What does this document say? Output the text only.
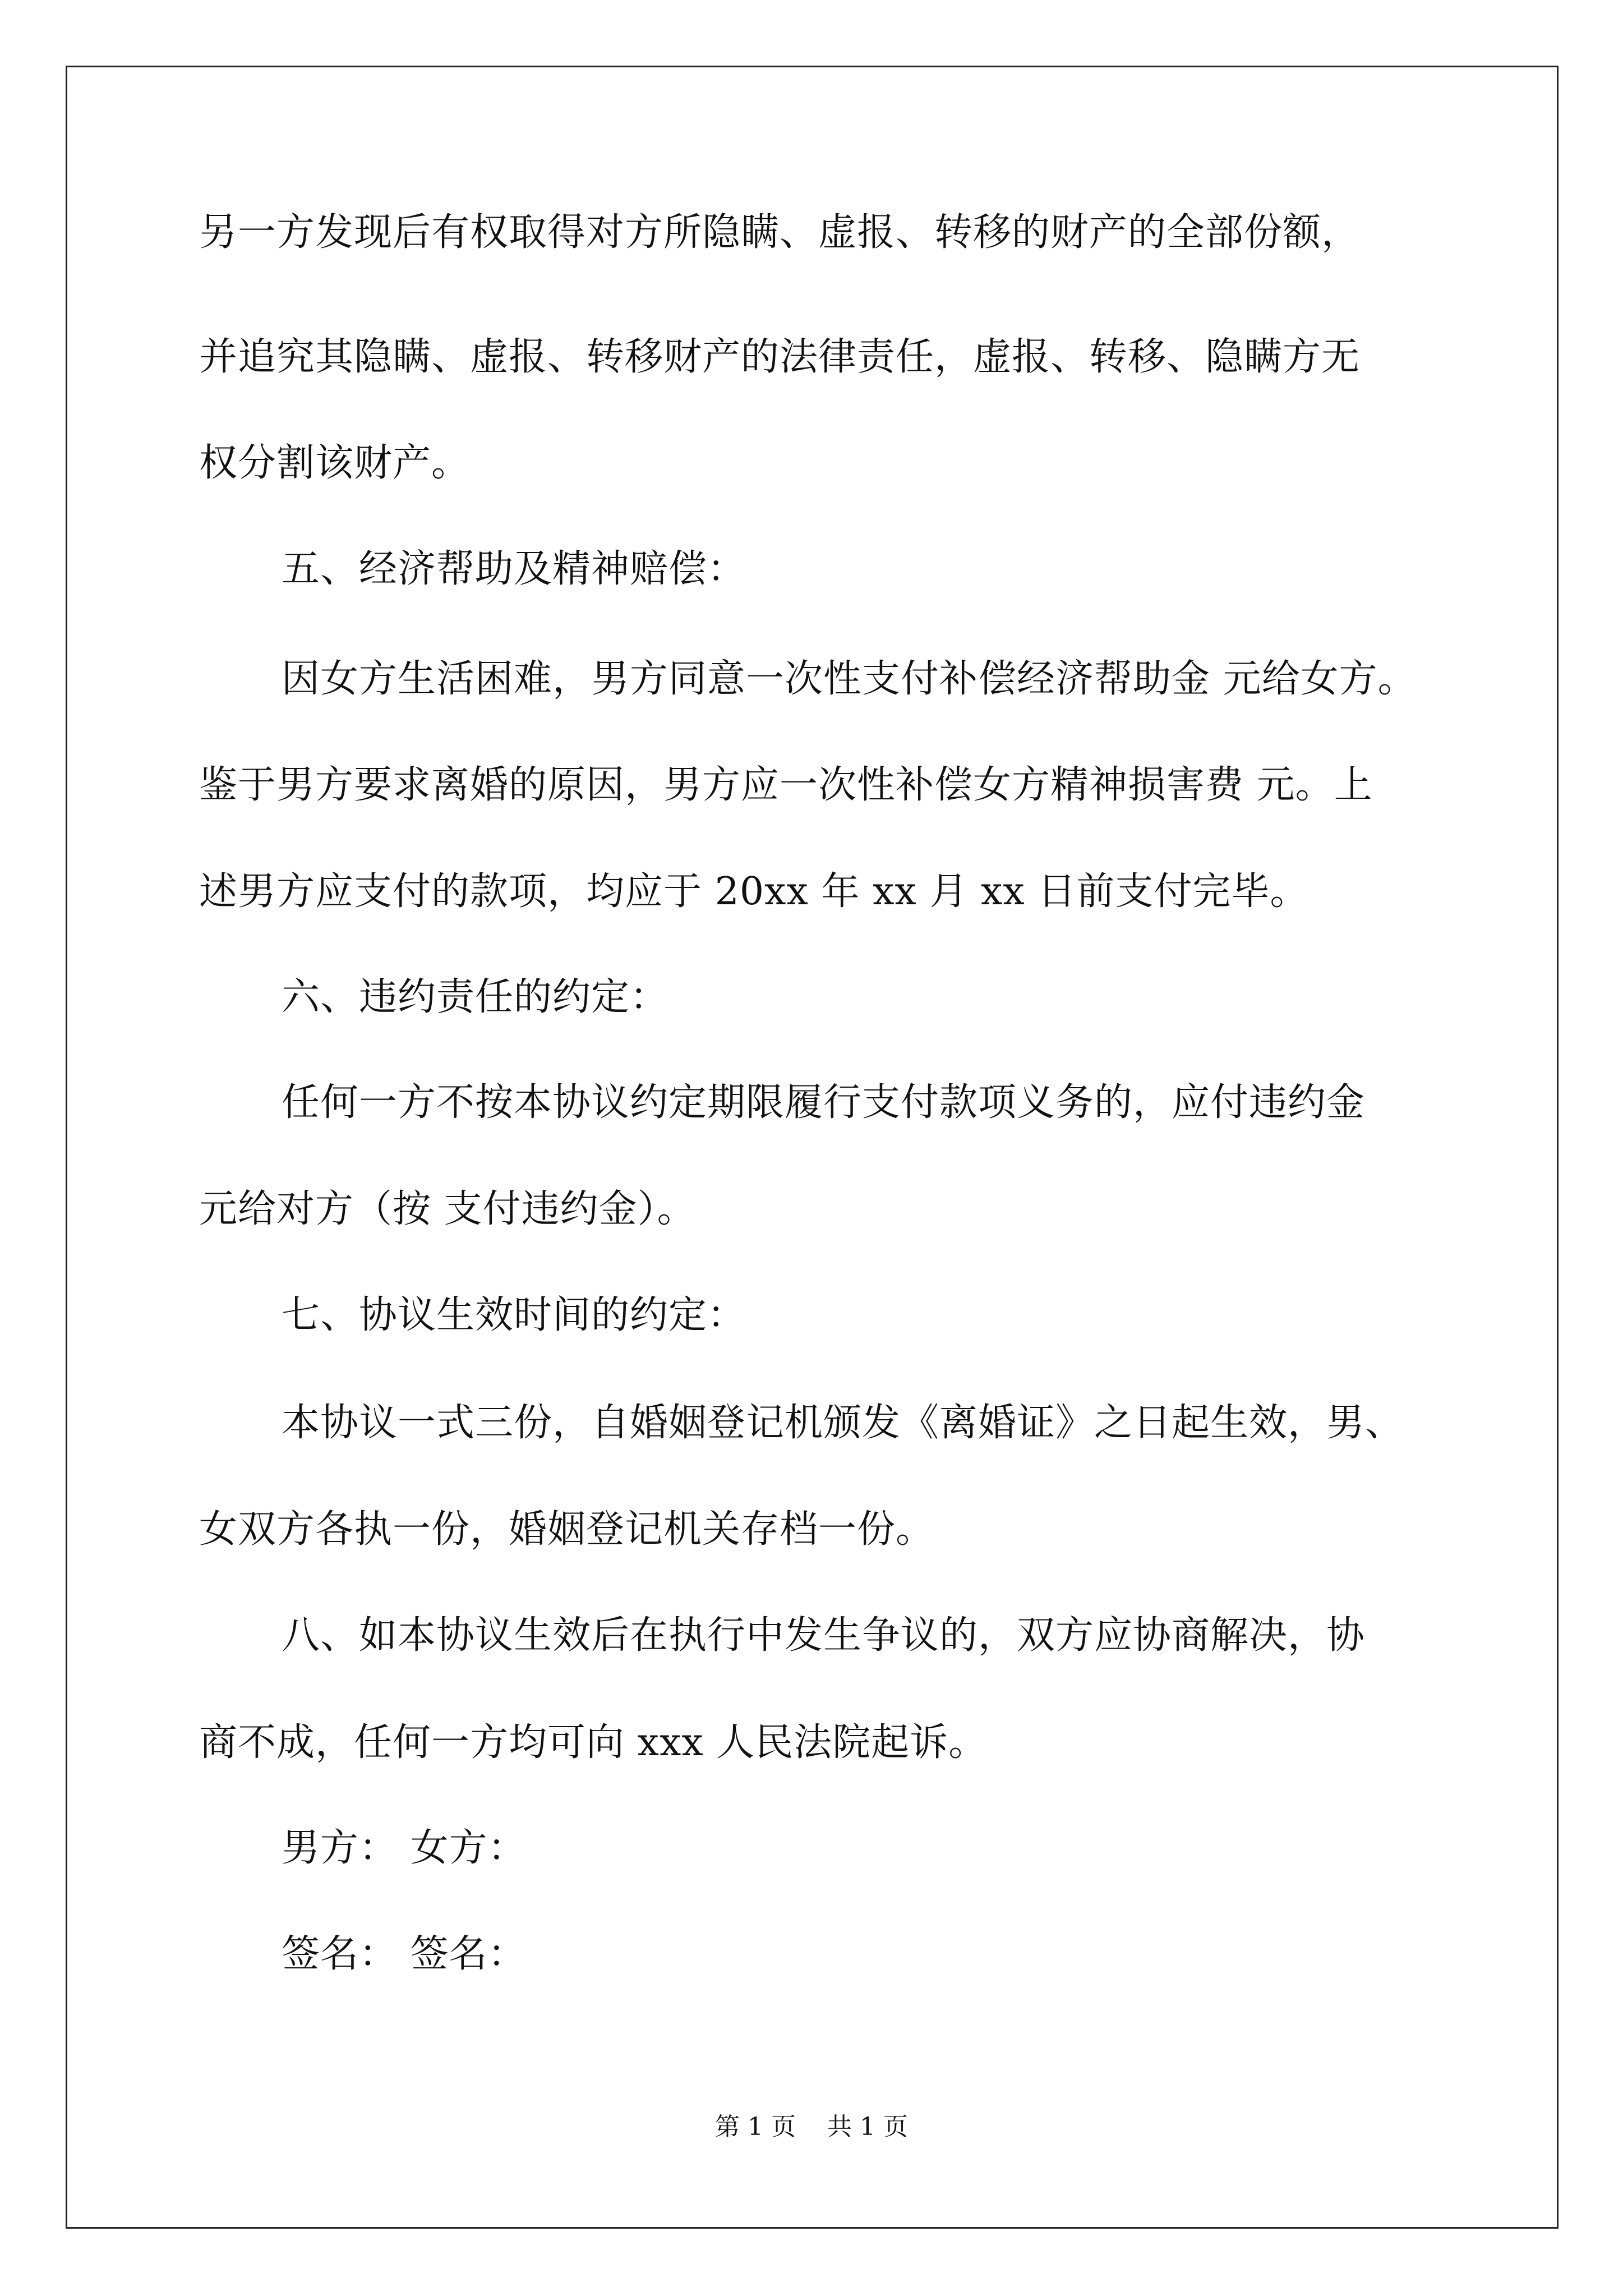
另一方发现后有权取得对方所隐瞒、虚报、转移的财产的全部份额，
并追究其隐瞒、虚报、转移财产的法律责任，虚报、转移、隐瞒方无
权分割该财产。
五、经济帮助及精神赔偿：
因女方生活困难，男方同意一次性支付补偿经济帮助金 元给女方。
鉴于男方要求离婚的原因，男方应一次性补偿女方精神损害费 元。上
述男方应支付的款项，均应于 20xx 年 xx 月 xx 日前支付完毕。
六、违约责任的约定：
任何一方不按本协议约定期限履行支付款项义务的，应付违约金
元给对方（按 支付违约金）。
七、协议生效时间的约定：
本协议一式三份，自婚姻登记机颁发《离婚证》之日起生效，男、
女双方各执一份，婚姻登记机关存档一份。
八、如本协议生效后在执行中发生争议的，双方应协商解决，协
商不成，任何一方均可向 xxx 人民法院起诉。
男方： 女方：
签名： 签名：
第 1 页    共 1 页
